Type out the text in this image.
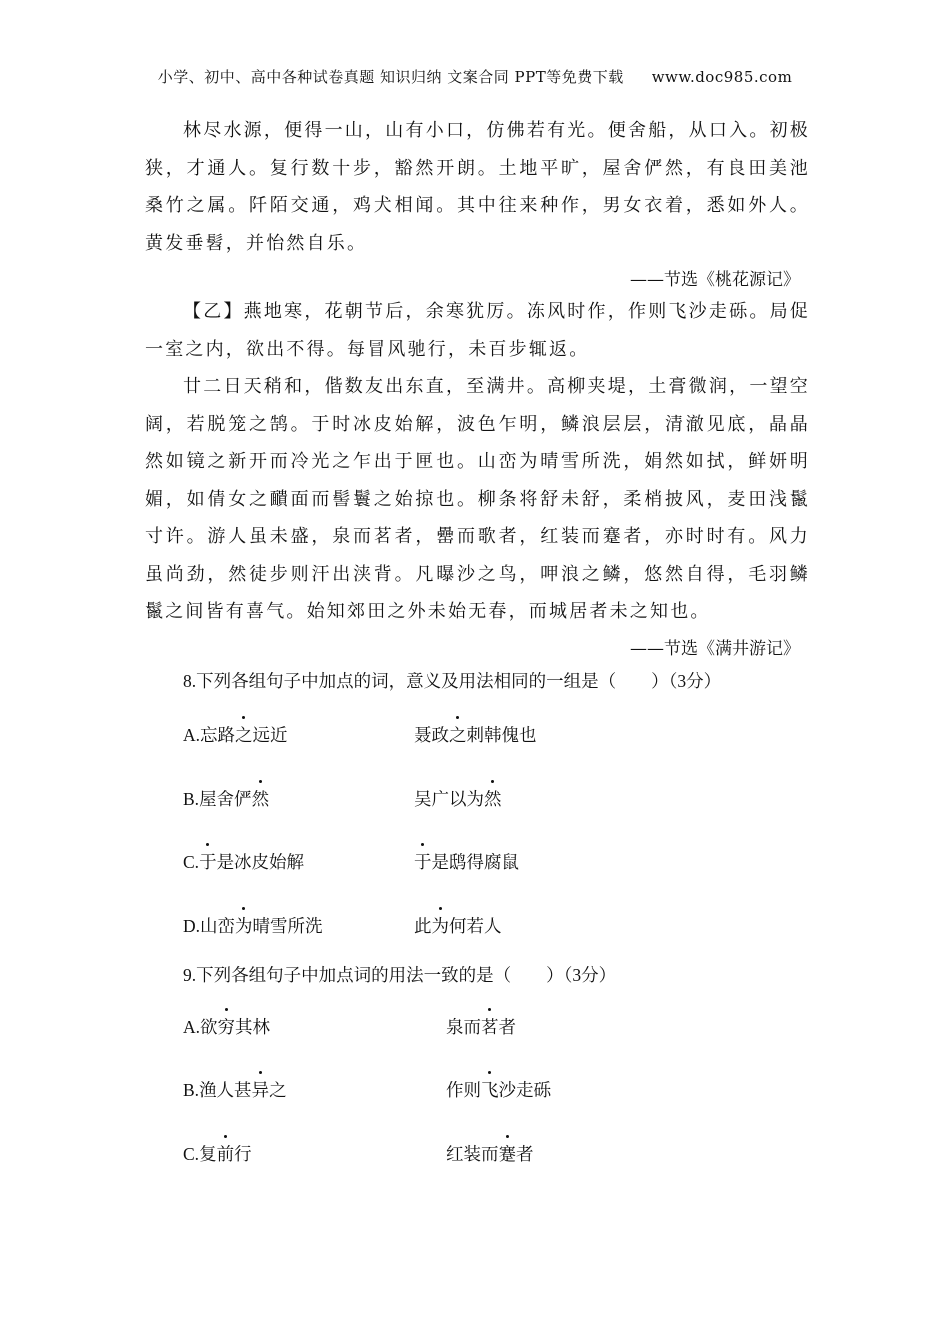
小学、初中、高中各种试卷真题 知识归纳 文案合同 PPT等免费下载 www.doc985.com

林尽水源，便得一山，山有小口，仿佛若有光。便舍船，从口入。初极狭，才通人。复行数十步，豁然开朗。土地平旷，屋舍俨然，有良田美池桑竹之属。阡陌交通，鸡犬相闻。其中往来种作，男女衣着，悉如外人。黄发垂髫，并怡然自乐。

——节选《桃花源记》

【乙】燕地寒，花朝节后，余寒犹厉。冻风时作，作则飞沙走砾。局促一室之内，欲出不得。每冒风驰行，未百步辄返。

廿二日天稍和，偕数友出东直，至满井。高柳夹堤，土膏微润，一望空阔，若脱笼之鹄。于时冰皮始解，波色乍明，鳞浪层层，清澈见底，晶晶然如镜之新开而冷光之乍出于匣也。山峦为晴雪所洗，娟然如拭，鲜妍明媚，如倩女之靧面而髻鬟之始掠也。柳条将舒未舒，柔梢披风，麦田浅鬣寸许。游人虽未盛，泉而茗者，罍而歌者，红装而蹇者，亦时时有。风力虽尚劲，然徒步则汗出浃背。凡曝沙之鸟，呷浪之鳞，悠然自得，毛羽鳞鬣之间皆有喜气。始知郊田之外未始无春，而城居者未之知也。

——节选《满井游记》
8.下列各组句子中加点的词，意义及用法相同的一组是（　　）（3分）
A.忘路之远近	聂政之刺韩傀也
B.屋舍俨然	吴广以为然
C.于是冰皮始解	于是鸱得腐鼠
D.山峦为晴雪所洗	此为何若人
9.下列各组句子中加点词的用法一致的是（　　）（3分）
A.欲穷其林	泉而茗者
B.渔人甚异之	作则飞沙走砾
C.复前行	红装而蹇者
